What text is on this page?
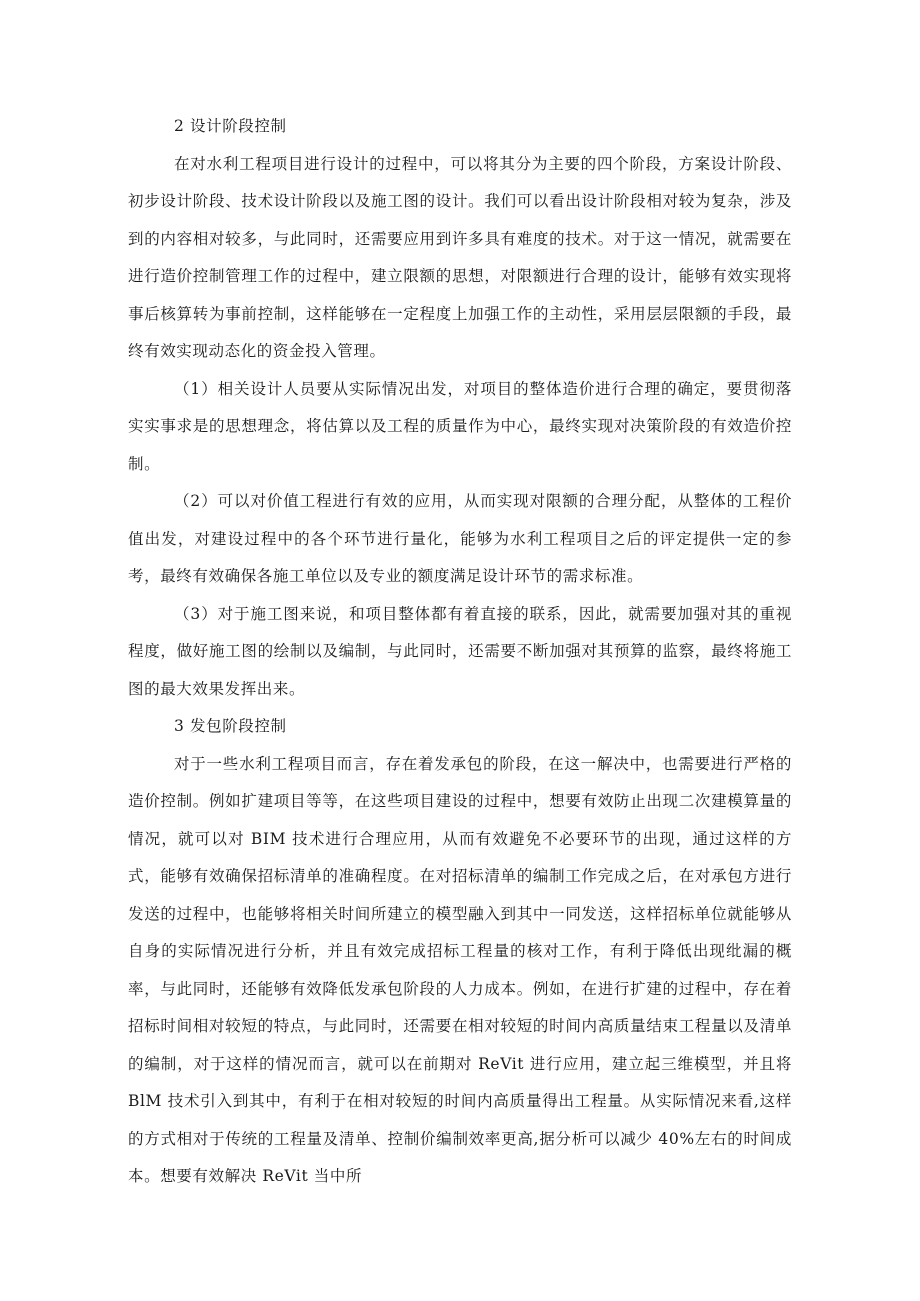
2 设计阶段控制

在对水利工程项目进行设计的过程中，可以将其分为主要的四个阶段，方案设计阶段、初步设计阶段、技术设计阶段以及施工图的设计。我们可以看出设计阶段相对较为复杂，涉及到的内容相对较多，与此同时，还需要应用到许多具有难度的技术。对于这一情况，就需要在进行造价控制管理工作的过程中，建立限额的思想，对限额进行合理的设计，能够有效实现将事后核算转为事前控制，这样能够在一定程度上加强工作的主动性，采用层层限额的手段，最终有效实现动态化的资金投入管理。

（1）相关设计人员要从实际情况出发，对项目的整体造价进行合理的确定，要贯彻落实实事求是的思想理念，将估算以及工程的质量作为中心，最终实现对决策阶段的有效造价控制。

（2）可以对价值工程进行有效的应用，从而实现对限额的合理分配，从整体的工程价值出发，对建设过程中的各个环节进行量化，能够为水利工程项目之后的评定提供一定的参考，最终有效确保各施工单位以及专业的额度满足设计环节的需求标准。

（3）对于施工图来说，和项目整体都有着直接的联系，因此，就需要加强对其的重视程度，做好施工图的绘制以及编制，与此同时，还需要不断加强对其预算的监察，最终将施工图的最大效果发挥出来。

3 发包阶段控制

对于一些水利工程项目而言，存在着发承包的阶段，在这一解决中，也需要进行严格的造价控制。例如扩建项目等等，在这些项目建设的过程中，想要有效防止出现二次建模算量的情况，就可以对 BIM 技术进行合理应用，从而有效避免不必要环节的出现，通过这样的方式，能够有效确保招标清单的准确程度。在对招标清单的编制工作完成之后，在对承包方进行发送的过程中，也能够将相关时间所建立的模型融入到其中一同发送，这样招标单位就能够从自身的实际情况进行分析，并且有效完成招标工程量的核对工作，有利于降低出现纰漏的概率，与此同时，还能够有效降低发承包阶段的人力成本。例如，在进行扩建的过程中，存在着招标时间相对较短的特点，与此同时，还需要在相对较短的时间内高质量结束工程量以及清单的编制，对于这样的情况而言，就可以在前期对 ReVit 进行应用，建立起三维模型，并且将 BlM 技术引入到其中，有利于在相对较短的时间内高质量得出工程量。从实际情况来看,这样的方式相对于传统的工程量及清单、控制价编制效率更高,据分析可以减少 40%左右的时间成本。想要有效解决 ReVit 当中所
